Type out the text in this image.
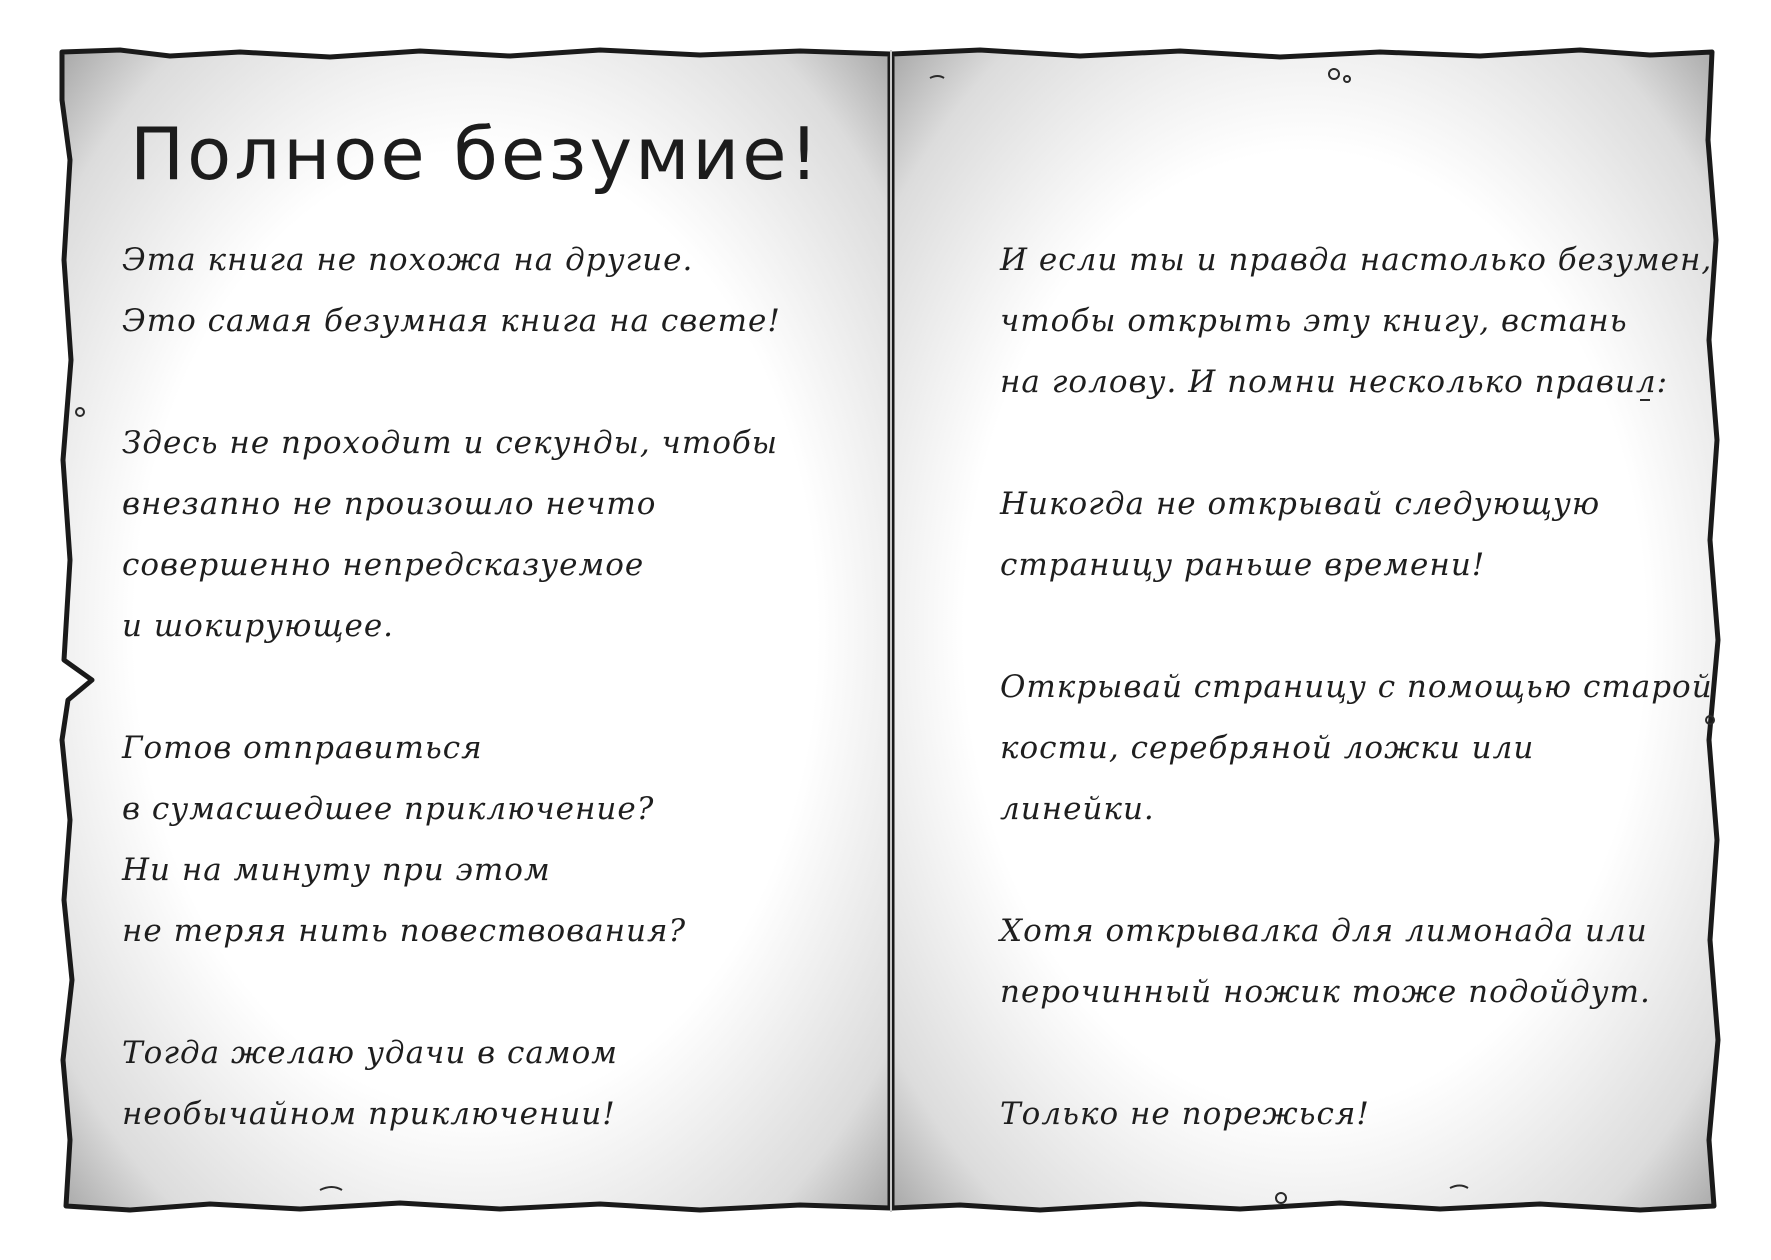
Полное безумие!

Эта книга не похожа на другие.
Это самая безумная книга на свете!

Здесь не проходит и секунды, чтобы
внезапно не произошло нечто
совершенно непредсказуемое
и шокирующее.

Готов отправиться
в сумасшедшее приключение?
Ни на минуту при этом
не теряя нить повествования?

Тогда желаю удачи в самом
необычайном приключении!

И если ты и правда настолько безумен,
чтобы открыть эту книгу, встань
на голову. И помни несколько правил:

Никогда не открывай следующую
страницу раньше времени!

Открывай страницу с помощью старой
кости, серебряной ложки или
линейки.

Хотя открывалка для лимонада или
перочинный ножик тоже подойдут.

Только не порежься!
